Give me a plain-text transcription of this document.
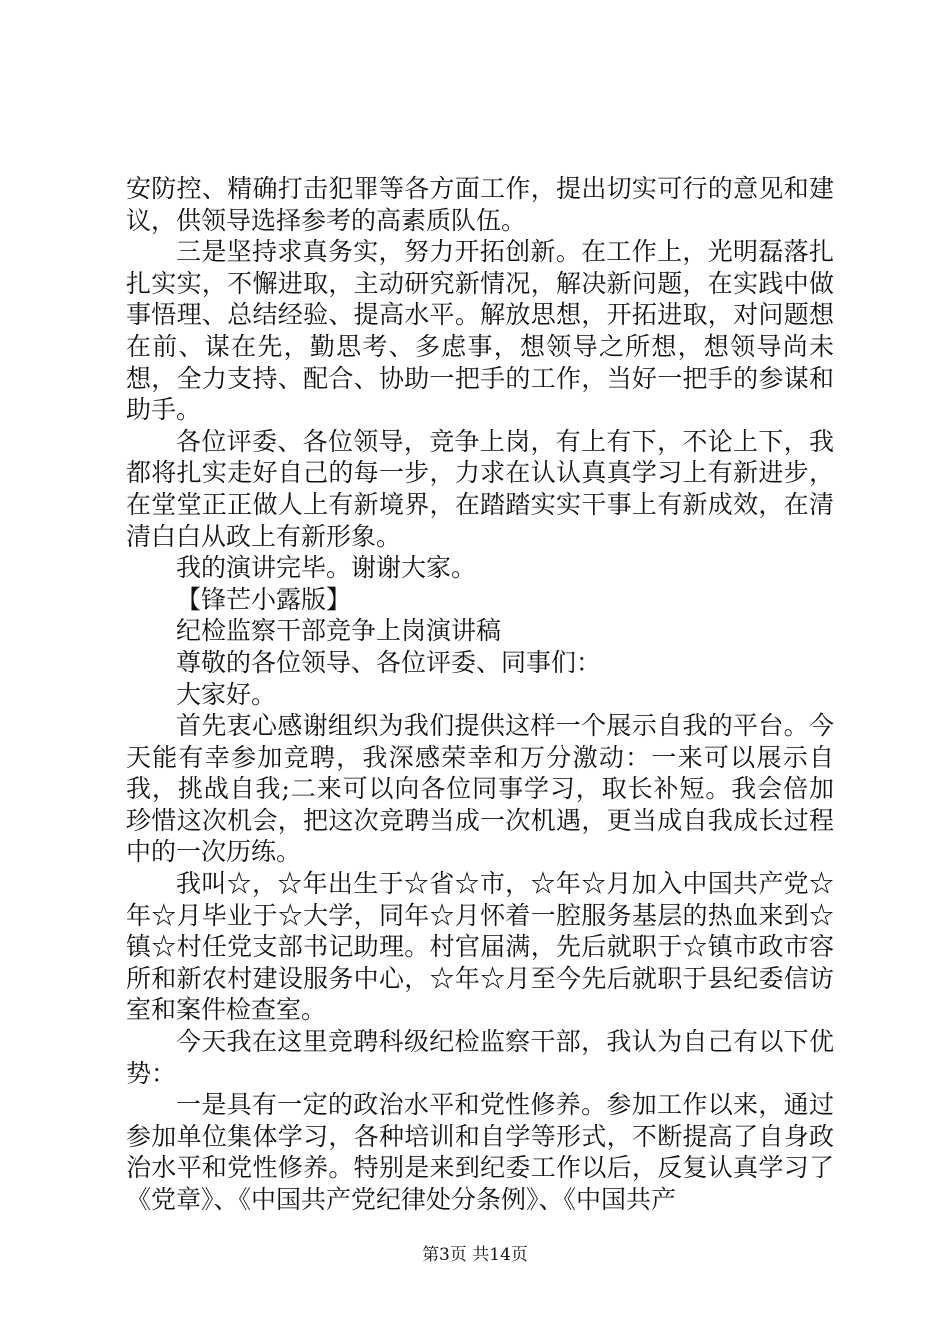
安防控、精确打击犯罪等各方面工作，提出切实可行的意见和建议，供领导选择参考的高素质队伍。

三是坚持求真务实，努力开拓创新。在工作上，光明磊落扎扎实实，不懈进取，主动研究新情况，解决新问题，在实践中做事悟理、总结经验、提高水平。解放思想，开拓进取，对问题想在前、谋在先，勤思考、多虑事，想领导之所想，想领导尚未想，全力支持、配合、协助一把手的工作，当好一把手的参谋和助手。

各位评委、各位领导，竞争上岗，有上有下，不论上下，我都将扎实走好自己的每一步，力求在认认真真学习上有新进步，在堂堂正正做人上有新境界，在踏踏实实干事上有新成效，在清清白白从政上有新形象。

我的演讲完毕。谢谢大家。

【锋芒小露版】

纪检监察干部竞争上岗演讲稿

尊敬的各位领导、各位评委、同事们：

大家好。

首先衷心感谢组织为我们提供这样一个展示自我的平台。今天能有幸参加竞聘，我深感荣幸和万分激动：一来可以展示自我，挑战自我;二来可以向各位同事学习，取长补短。我会倍加珍惜这次机会，把这次竞聘当成一次机遇，更当成自我成长过程中的一次历练。

我叫☆，☆年出生于☆省☆市，☆年☆月加入中国共产党☆年☆月毕业于☆大学，同年☆月怀着一腔服务基层的热血来到☆镇☆村任党支部书记助理。村官届满，先后就职于☆镇市政市容所和新农村建设服务中心，☆年☆月至今先后就职于县纪委信访室和案件检查室。

今天我在这里竞聘科级纪检监察干部，我认为自己有以下优势：

一是具有一定的政治水平和党性修养。参加工作以来，通过参加单位集体学习，各种培训和自学等形式，不断提高了自身政治水平和党性修养。特别是来到纪委工作以后，反复认真学习了《党章》、《中国共产党纪律处分条例》、《中国共产

第3页 共14页
